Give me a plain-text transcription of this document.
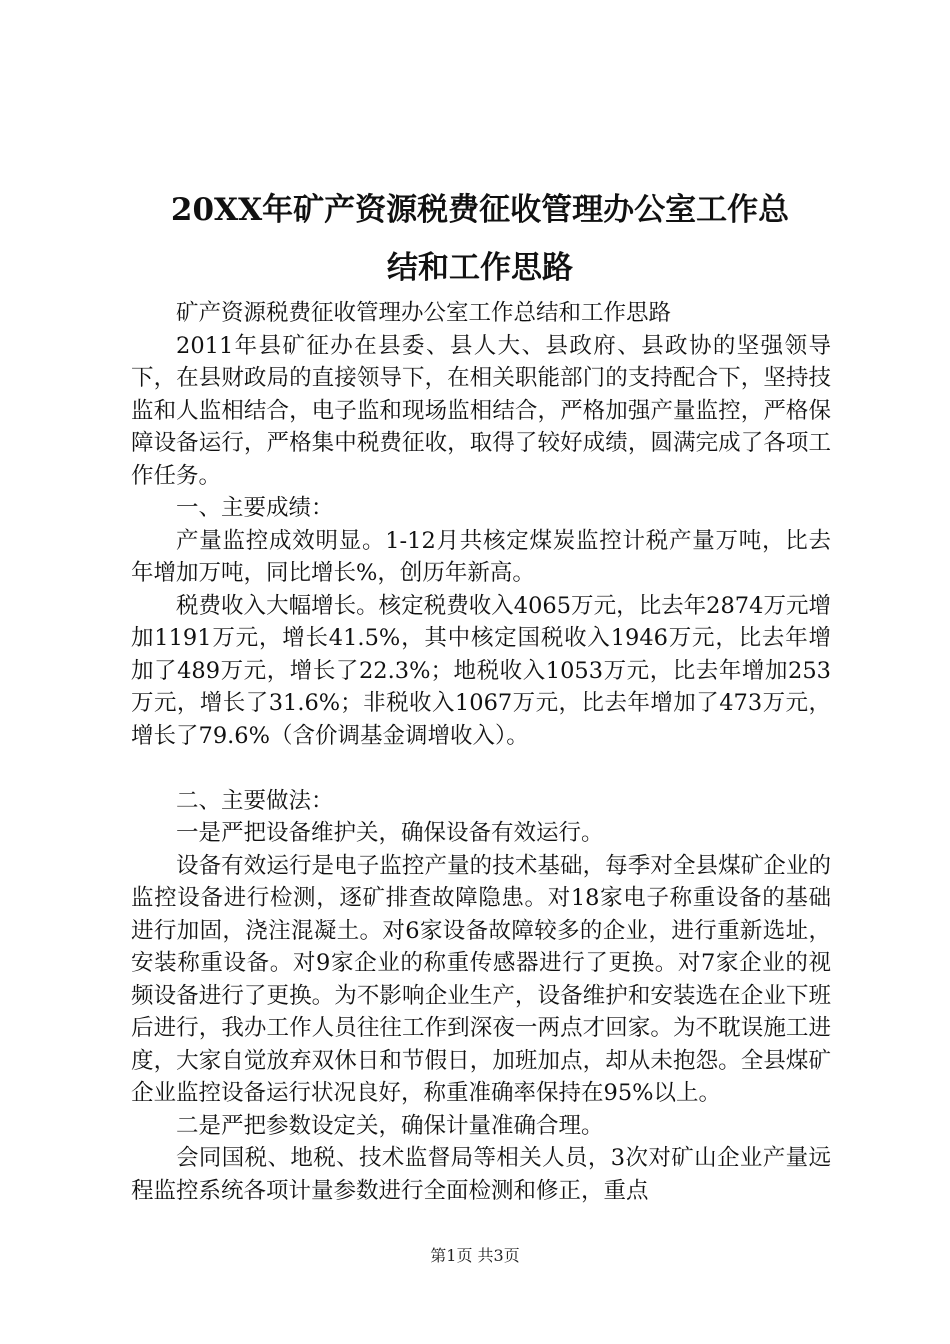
20XX年矿产资源税费征收管理办公室工作总
结和工作思路

矿产资源税费征收管理办公室工作总结和工作思路

2011年县矿征办在县委、县人大、县政府、县政协的坚强领导下，在县财政局的直接领导下，在相关职能部门的支持配合下，坚持技监和人监相结合，电子监和现场监相结合，严格加强产量监控，严格保障设备运行，严格集中税费征收，取得了较好成绩，圆满完成了各项工作任务。

一、主要成绩：

产量监控成效明显。1-12月共核定煤炭监控计税产量万吨，比去年增加万吨，同比增长%，创历年新高。

税费收入大幅增长。核定税费收入4065万元，比去年2874万元增加1191万元，增长41.5%，其中核定国税收入1946万元，比去年增加了489万元，增长了22.3%；地税收入1053万元，比去年增加253万元，增长了31.6%；非税收入1067万元，比去年增加了473万元，增长了79.6%（含价调基金调增收入）。

二、主要做法：

一是严把设备维护关，确保设备有效运行。

设备有效运行是电子监控产量的技术基础，每季对全县煤矿企业的监控设备进行检测，逐矿排查故障隐患。对18家电子称重设备的基础进行加固，浇注混凝土。对6家设备故障较多的企业，进行重新选址，安装称重设备。对9家企业的称重传感器进行了更换。对7家企业的视频设备进行了更换。为不影响企业生产，设备维护和安装选在企业下班后进行，我办工作人员往往工作到深夜一两点才回家。为不耽误施工进度，大家自觉放弃双休日和节假日，加班加点，却从未抱怨。全县煤矿企业监控设备运行状况良好，称重准确率保持在95%以上。

二是严把参数设定关，确保计量准确合理。

会同国税、地税、技术监督局等相关人员，3次对矿山企业产量远程监控系统各项计量参数进行全面检测和修正，重点

第1页 共3页
